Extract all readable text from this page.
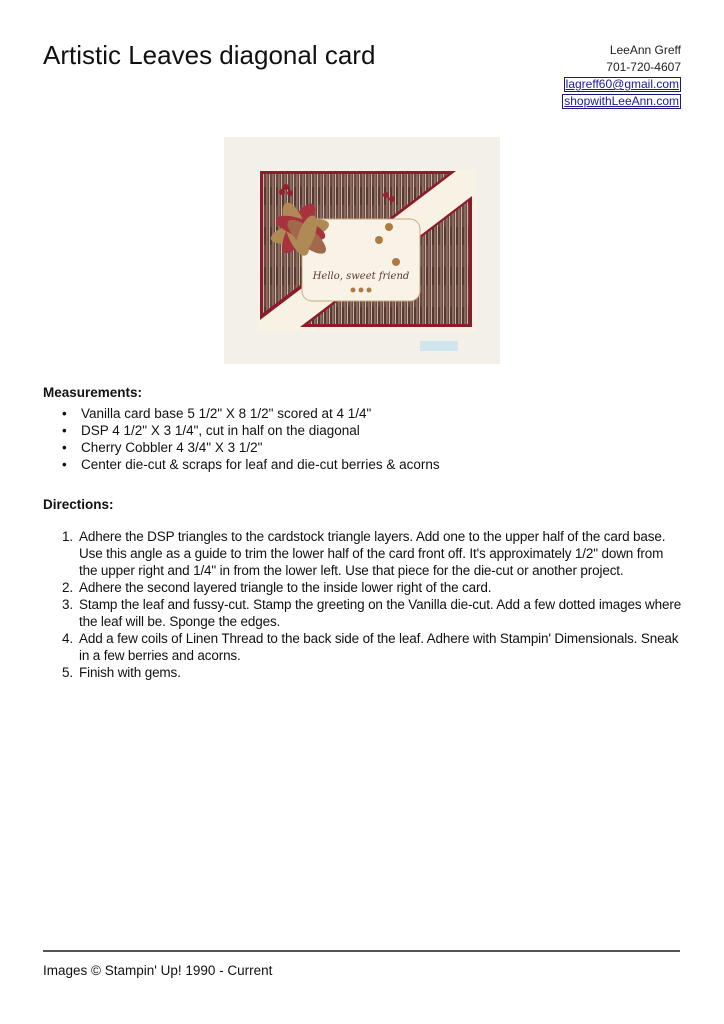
Artistic Leaves diagonal card	LeeAnn Greff
701-720-4607
lagreff60@gmail.com
shopwithLeeAnn.com
Hello, sweet friend
Measurements:
• Vanilla card base 5 1/2" X 8 1/2" scored at 4 1/4"
• DSP 4 1/2" X 3 1/4", cut in half on the diagonal
• Cherry Cobbler 4 3/4" X 3 1/2"
• Center die-cut & scraps for leaf and die-cut berries & acorns
Directions:
1. Adhere the DSP triangles to the cardstock triangle layers. Add one to the upper half of the card base. Use this angle as a guide to trim the lower half of the card front off. It's approximately 1/2" down from the upper right and 1/4" in from the lower left. Use that piece for the die-cut or another project.
2. Adhere the second layered triangle to the inside lower right of the card.
3. Stamp the leaf and fussy-cut. Stamp the greeting on the Vanilla die-cut. Add a few dotted images where the leaf will be. Sponge the edges.
4. Add a few coils of Linen Thread to the back side of the leaf. Adhere with Stampin' Dimensionals. Sneak in a few berries and acorns.
5. Finish with gems.
Images © Stampin' Up! 1990 - Current
